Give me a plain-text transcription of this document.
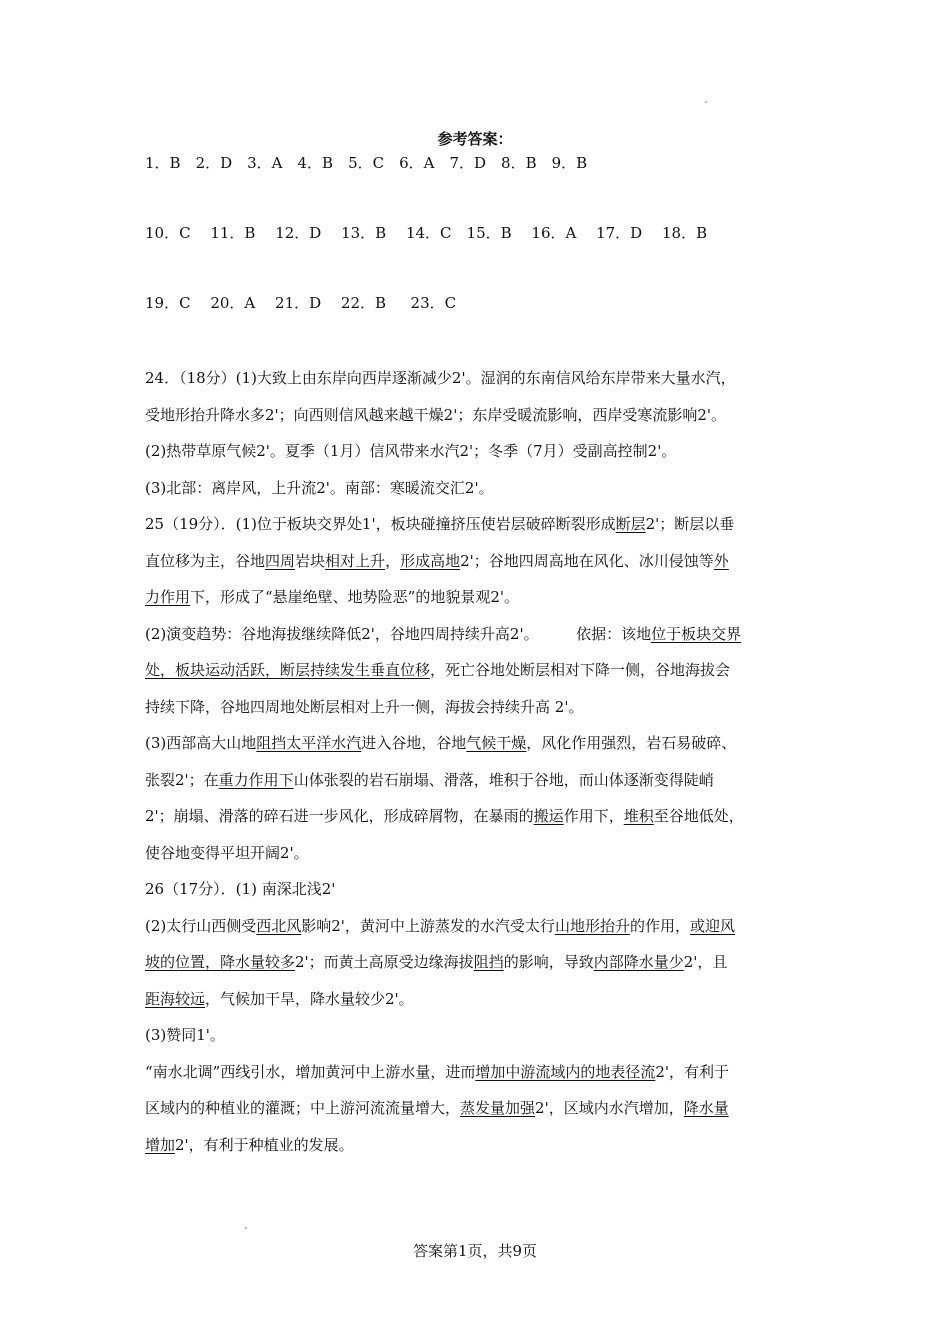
参考答案：
1．B　2．D　3．A　4．B　5．C　6．A　7．D　8．B　9．B
10．C　 11．B　 12．D　 13．B　 14．C　15．B　 16．A　 17．D　 18．B
19．C　 20．A　 21．D　 22．B　  23．C

24．（18分）(1)大致上由东岸向西岸逐渐减少2'。湿润的东南信风给东岸带来大量水汽，

受地形抬升降水多2'；向西则信风越来越干燥2'；东岸受暖流影响，西岸受寒流影响2'。

(2)热带草原气候2'。夏季（1月）信风带来水汽2'；冬季（7月）受副高控制2'。

(3)北部：离岸风，上升流2'。南部：寒暖流交汇2'。

25（19分）．(1)位于板块交界处1'，板块碰撞挤压使岩层破碎断裂形成断层2'；断层以垂

直位移为主，谷地四周岩块相对上升，形成高地2'；谷地四周高地在风化、冰川侵蚀等外

力作用下，形成了“悬崖绝壁、地势险恶”的地貌景观2'。

(2)演变趋势：谷地海拔继续降低2'，谷地四周持续升高2'。　　　依据：该地位于板块交界

处，板块运动活跃，断层持续发生垂直位移，死亡谷地处断层相对下降一侧，谷地海拔会

持续下降，谷地四周地处断层相对上升一侧，海拔会持续升高 2'。

(3)西部高大山地阻挡太平洋水汽进入谷地，谷地气候干燥，风化作用强烈，岩石易破碎、

张裂2'；在重力作用下山体张裂的岩石崩塌、滑落，堆积于谷地，而山体逐渐变得陡峭

2'；崩塌、滑落的碎石进一步风化，形成碎屑物，在暴雨的搬运作用下，堆积至谷地低处，

使谷地变得平坦开阔2'。

26（17分）．(1) 南深北浅2'

(2)太行山西侧受西北风影响2'，黄河中上游蒸发的水汽受太行山地形抬升的作用，或迎风

坡的位置，降水量较多2'；而黄土高原受边缘海拔阻挡的影响，导致内部降水量少2'，且

距海较远，气候加干旱，降水量较少2'。

(3)赞同1'。

“南水北调”西线引水，增加黄河中上游水量，进而增加中游流域内的地表径流2'，有利于

区域内的种植业的灌溉；中上游河流流量增大，蒸发量加强2'，区域内水汽增加，降水量

增加2'，有利于种植业的发展。

答案第1页，共9页
